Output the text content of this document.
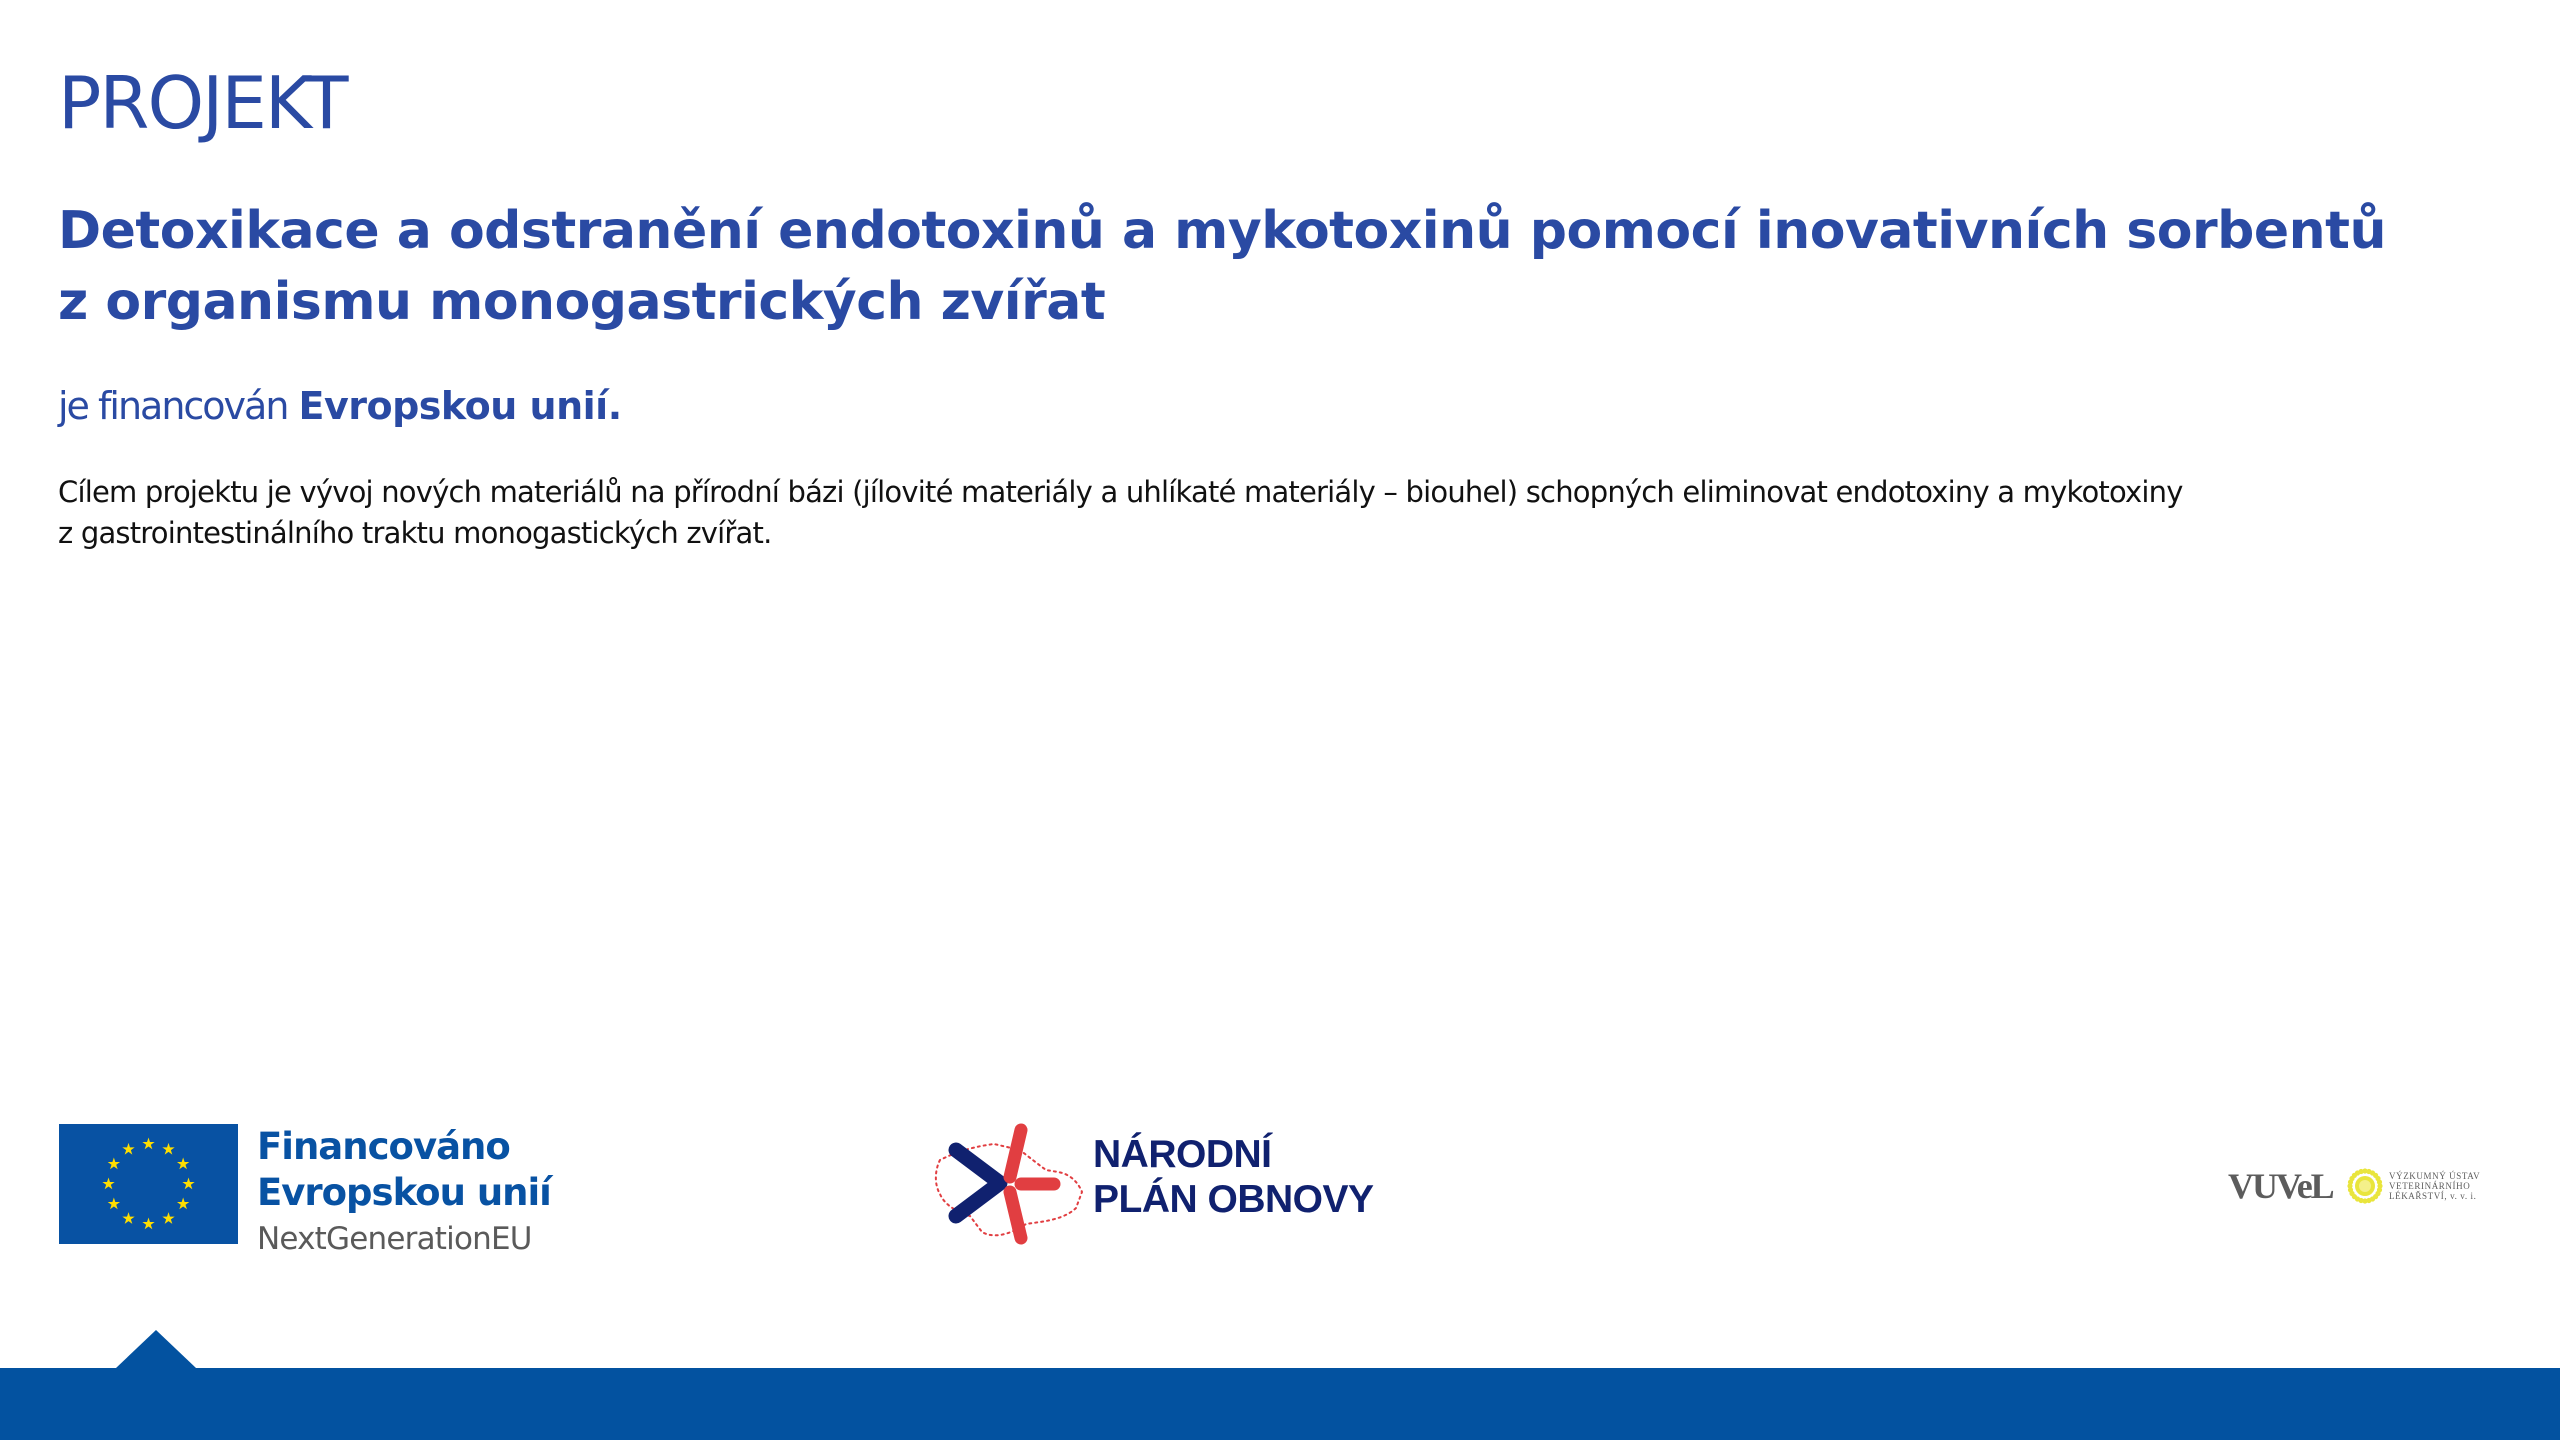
PROJEKT
Detoxikace a odstranění endotoxinů a mykotoxinů pomocí inovativních sorbentů
z organismu monogastrických zvířat

je financován Evropskou unií.

Cílem projektu je vývoj nových materiálů na přírodní bázi (jílovité materiály a uhlíkaté materiály – biouhel) schopných eliminovat endotoxiny a mykotoxiny
z gastrointestinálního traktu monogastických zvířat.

Financováno
Evropskou unií
NextGenerationEU
NÁRODNÍ
PLÁN OBNOVY	VUVeL	VÝZKUMNÝ ÚSTAV
VETERINÁRNÍHO
LÉKAŘSTVÍ, v. v. i.
